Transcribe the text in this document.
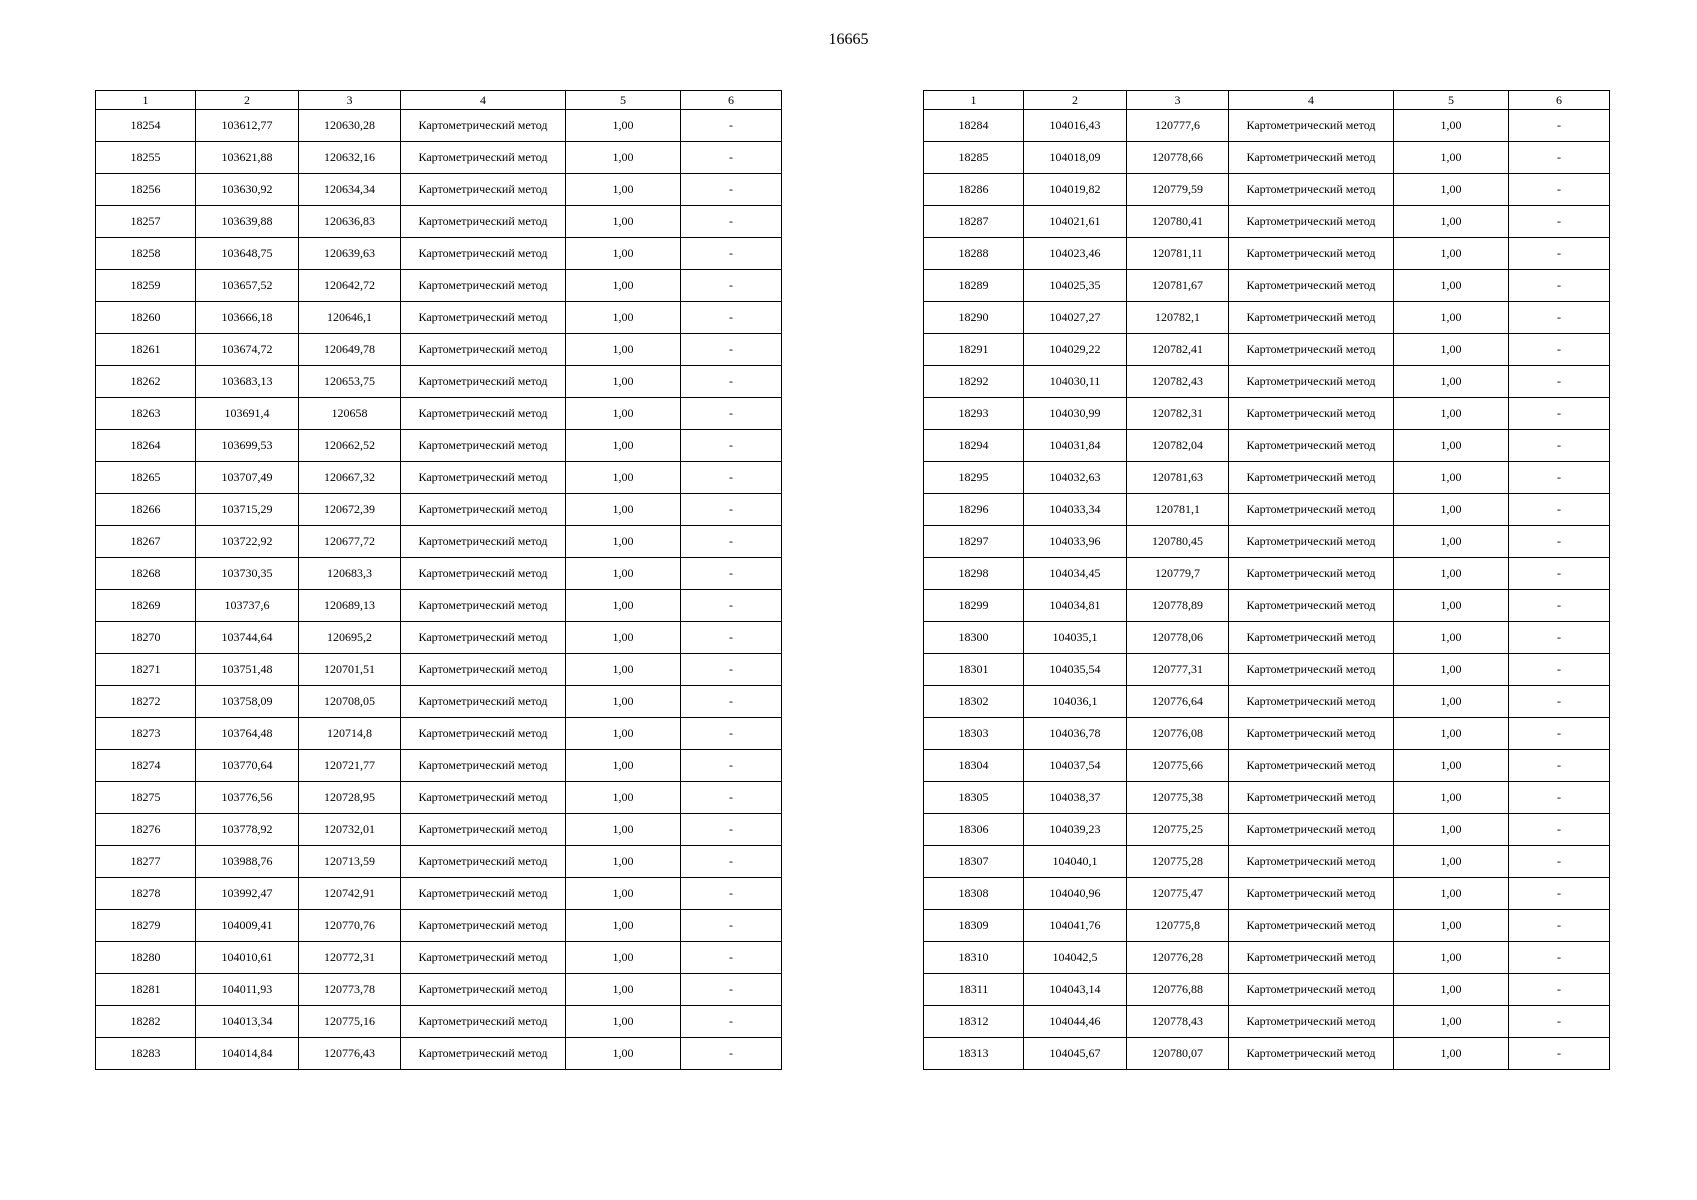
16665
1	2	3	4	5	6
18254	103612,77	120630,28	Картометрический метод	1,00	-
18255	103621,88	120632,16	Картометрический метод	1,00	-
18256	103630,92	120634,34	Картометрический метод	1,00	-
18257	103639,88	120636,83	Картометрический метод	1,00	-
18258	103648,75	120639,63	Картометрический метод	1,00	-
18259	103657,52	120642,72	Картометрический метод	1,00	-
18260	103666,18	120646,1	Картометрический метод	1,00	-
18261	103674,72	120649,78	Картометрический метод	1,00	-
18262	103683,13	120653,75	Картометрический метод	1,00	-
18263	103691,4	120658	Картометрический метод	1,00	-
18264	103699,53	120662,52	Картометрический метод	1,00	-
18265	103707,49	120667,32	Картометрический метод	1,00	-
18266	103715,29	120672,39	Картометрический метод	1,00	-
18267	103722,92	120677,72	Картометрический метод	1,00	-
18268	103730,35	120683,3	Картометрический метод	1,00	-
18269	103737,6	120689,13	Картометрический метод	1,00	-
18270	103744,64	120695,2	Картометрический метод	1,00	-
18271	103751,48	120701,51	Картометрический метод	1,00	-
18272	103758,09	120708,05	Картометрический метод	1,00	-
18273	103764,48	120714,8	Картометрический метод	1,00	-
18274	103770,64	120721,77	Картометрический метод	1,00	-
18275	103776,56	120728,95	Картометрический метод	1,00	-
18276	103778,92	120732,01	Картометрический метод	1,00	-
18277	103988,76	120713,59	Картометрический метод	1,00	-
18278	103992,47	120742,91	Картометрический метод	1,00	-
18279	104009,41	120770,76	Картометрический метод	1,00	-
18280	104010,61	120772,31	Картометрический метод	1,00	-
18281	104011,93	120773,78	Картометрический метод	1,00	-
18282	104013,34	120775,16	Картометрический метод	1,00	-
18283	104014,84	120776,43	Картометрический метод	1,00	-
1	2	3	4	5	6
18284	104016,43	120777,6	Картометрический метод	1,00	-
18285	104018,09	120778,66	Картометрический метод	1,00	-
18286	104019,82	120779,59	Картометрический метод	1,00	-
18287	104021,61	120780,41	Картометрический метод	1,00	-
18288	104023,46	120781,11	Картометрический метод	1,00	-
18289	104025,35	120781,67	Картометрический метод	1,00	-
18290	104027,27	120782,1	Картометрический метод	1,00	-
18291	104029,22	120782,41	Картометрический метод	1,00	-
18292	104030,11	120782,43	Картометрический метод	1,00	-
18293	104030,99	120782,31	Картометрический метод	1,00	-
18294	104031,84	120782,04	Картометрический метод	1,00	-
18295	104032,63	120781,63	Картометрический метод	1,00	-
18296	104033,34	120781,1	Картометрический метод	1,00	-
18297	104033,96	120780,45	Картометрический метод	1,00	-
18298	104034,45	120779,7	Картометрический метод	1,00	-
18299	104034,81	120778,89	Картометрический метод	1,00	-
18300	104035,1	120778,06	Картометрический метод	1,00	-
18301	104035,54	120777,31	Картометрический метод	1,00	-
18302	104036,1	120776,64	Картометрический метод	1,00	-
18303	104036,78	120776,08	Картометрический метод	1,00	-
18304	104037,54	120775,66	Картометрический метод	1,00	-
18305	104038,37	120775,38	Картометрический метод	1,00	-
18306	104039,23	120775,25	Картометрический метод	1,00	-
18307	104040,1	120775,28	Картометрический метод	1,00	-
18308	104040,96	120775,47	Картометрический метод	1,00	-
18309	104041,76	120775,8	Картометрический метод	1,00	-
18310	104042,5	120776,28	Картометрический метод	1,00	-
18311	104043,14	120776,88	Картометрический метод	1,00	-
18312	104044,46	120778,43	Картометрический метод	1,00	-
18313	104045,67	120780,07	Картометрический метод	1,00	-
